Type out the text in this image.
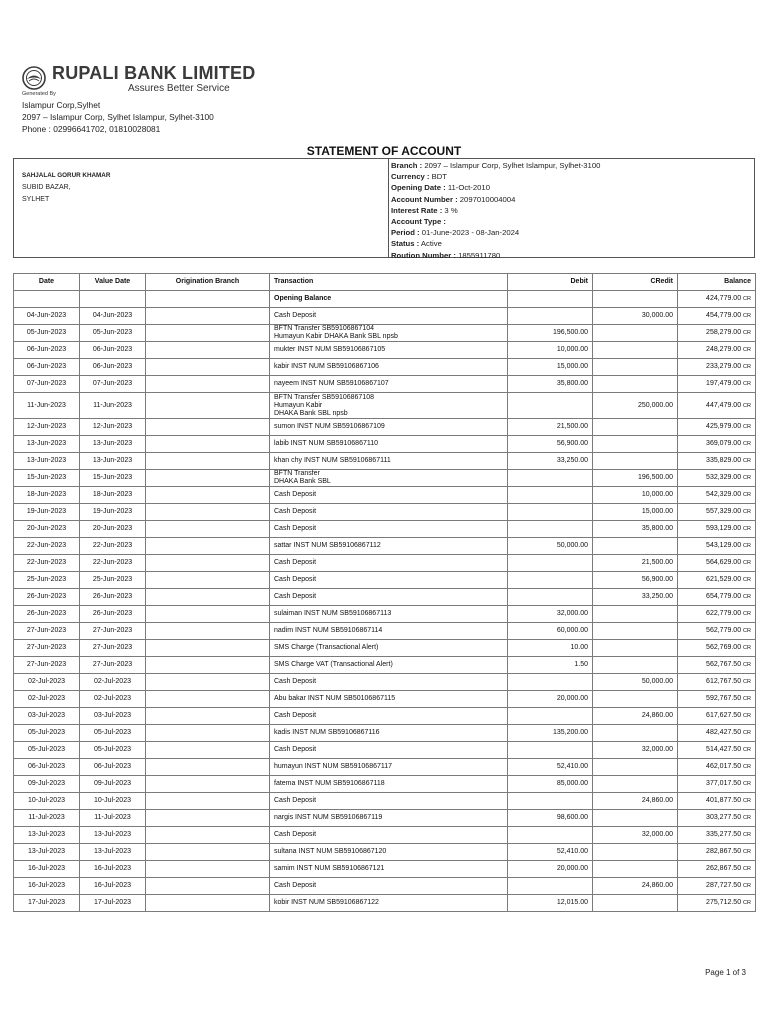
RUPALI BANK LIMITED
Assures Better Service
Generated By
Islampur Corp,Sylhet
2097 – Islampur Corp, Sylhet Islampur, Sylhet-3100
Phone : 02996641702, 01810028081
STATEMENT OF ACCOUNT
SAHJALAL GORUR KHAMAR
SUBID BAZAR,
SYLHET
Branch : 2097 – Islampur Corp, Sylhet Islampur, Sylhet-3100
Currency : BDT
Opening Date : 11-Oct-2010
Account Number : 2097010004004
Interest Rate : 3 %
Account Type :
Period : 01-June-2023 - 08-Jan-2024
Status : Active
Roution Number : 1855911780
Date	Value Date	Origination Branch	Transaction	Debit	CRedit	Balance
			Opening Balance			424,779.00 CR
04-Jun-2023	04-Jun-2023		Cash Deposit		30,000.00	454,779.00 CR
05-Jun-2023	05-Jun-2023		BFTN Transfer SB59106867104
Humayun Kabir DHAKA Bank SBL npsb	196,500.00		258,279.00 CR
06-Jun-2023	06-Jun-2023		mukter INST NUM SB59106867105	10,000.00		248,279.00 CR
06-Jun-2023	06-Jun-2023		kabir INST NUM SB59106867106	15,000.00		233,279.00 CR
07-Jun-2023	07-Jun-2023		nayeem INST NUM SB59106867107	35,800.00		197,479.00 CR
11-Jun-2023	11-Jun-2023		BFTN Transfer SB59106867108
Humayun Kabir
DHAKA Bank SBL npsb		250,000.00	447,479.00 CR
12-Jun-2023	12-Jun-2023		sumon INST NUM SB59106867109	21,500.00		425,979.00 CR
13-Jun-2023	13-Jun-2023		labib INST NUM SB59106867110	56,900.00		369,079.00 CR
13-Jun-2023	13-Jun-2023		khan chy INST NUM SB59106867111	33,250.00		335,829.00 CR
15-Jun-2023	15-Jun-2023		BFTN Transfer
DHAKA Bank SBL		196,500.00	532,329.00 CR
18-Jun-2023	18-Jun-2023		Cash Deposit		10,000.00	542,329.00 CR
19-Jun-2023	19-Jun-2023		Cash Deposit		15,000.00	557,329.00 CR
20-Jun-2023	20-Jun-2023		Cash Deposit		35,800.00	593,129.00 CR
22-Jun-2023	22-Jun-2023		sattar INST NUM SB59106867112	50,000.00		543,129.00 CR
22-Jun-2023	22-Jun-2023		Cash Deposit		21,500.00	564,629.00 CR
25-Jun-2023	25-Jun-2023		Cash Deposit		56,900.00	621,529.00 CR
26-Jun-2023	26-Jun-2023		Cash Deposit		33,250.00	654,779.00 CR
26-Jun-2023	26-Jun-2023		sulaiman INST NUM SB59106867113	32,000.00		622,779.00 CR
27-Jun-2023	27-Jun-2023		nadim INST NUM SB59106867114	60,000.00		562,779.00 CR
27-Jun-2023	27-Jun-2023		SMS Charge (Transactional Alert)	10.00		562,769.00 CR
27-Jun-2023	27-Jun-2023		SMS Charge VAT (Transactional Alert)	1.50		562,767.50 CR
02-Jul-2023	02-Jul-2023		Cash Deposit		50,000.00	612,767.50 CR
02-Jul-2023	02-Jul-2023		Abu bakar INST NUM SB50106867115	20,000.00		592,767.50 CR
03-Jul-2023	03-Jul-2023		Cash Deposit		24,860.00	617,627.50 CR
05-Jul-2023	05-Jul-2023		kadis INST NUM SB59106867116	135,200.00		482,427.50 CR
05-Jul-2023	05-Jul-2023		Cash Deposit		32,000.00	514,427.50 CR
06-Jul-2023	06-Jul-2023		humayun INST NUM SB59106867117	52,410.00		462,017.50 CR
09-Jul-2023	09-Jul-2023		fatema INST NUM SB59106867118	85,000.00		377,017.50 CR
10-Jul-2023	10-Jul-2023		Cash Deposit		24,860.00	401,877.50 CR
11-Jul-2023	11-Jul-2023		nargis INST NUM SB59106867119	98,600.00		303,277.50 CR
13-Jul-2023	13-Jul-2023		Cash Deposit		32,000.00	335,277.50 CR
13-Jul-2023	13-Jul-2023		sultana INST NUM SB59106867120	52,410.00		282,867.50 CR
16-Jul-2023	16-Jul-2023		samim INST NUM SB59106867121	20,000.00		262,867.50 CR
16-Jul-2023	16-Jul-2023		Cash Deposit		24,860.00	287,727.50 CR
17-Jul-2023	17-Jul-2023		kobir INST NUM SB59106867122	12,015.00		275,712.50 CR
Page 1 of 3
